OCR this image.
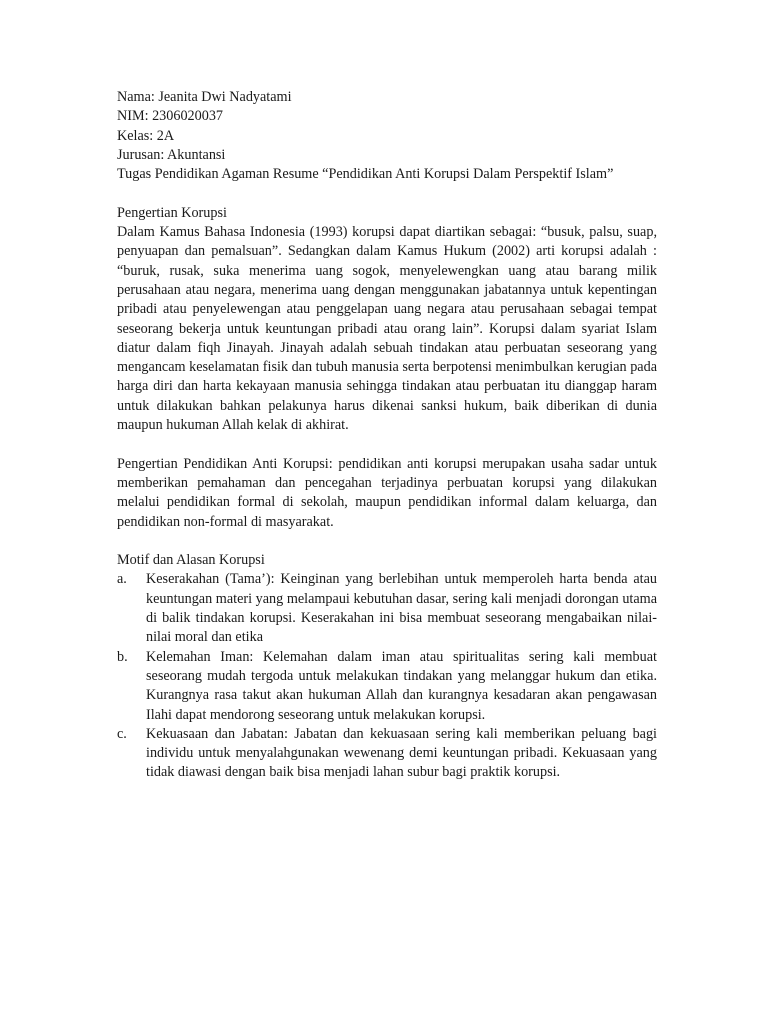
Nama: Jeanita Dwi Nadyatami

NIM: 2306020037

Kelas: 2A

Jurusan: Akuntansi

Tugas Pendidikan Agaman Resume “Pendidikan Anti Korupsi Dalam Perspektif Islam”

Pengertian Korupsi

Dalam Kamus Bahasa Indonesia (1993) korupsi dapat diartikan sebagai: “busuk, palsu, suap, penyuapan dan pemalsuan”. Sedangkan dalam Kamus Hukum (2002) arti korupsi adalah : “buruk, rusak, suka menerima uang sogok, menyelewengkan uang atau barang milik perusahaan atau negara, menerima uang dengan menggunakan jabatannya untuk kepentingan pribadi atau penyelewengan atau penggelapan uang negara atau perusahaan sebagai tempat seseorang bekerja untuk keuntungan pribadi atau orang lain”. Korupsi dalam syariat Islam diatur dalam fiqh Jinayah. Jinayah adalah sebuah tindakan atau perbuatan seseorang yang mengancam keselamatan fisik dan tubuh manusia serta berpotensi menimbulkan kerugian pada harga diri dan harta kekayaan manusia sehingga tindakan atau perbuatan itu dianggap haram untuk dilakukan bahkan pelakunya harus dikenai sanksi hukum, baik diberikan di dunia maupun hukuman Allah kelak di akhirat.

Pengertian Pendidikan Anti Korupsi: pendidikan anti korupsi merupakan usaha sadar untuk memberikan pemahaman dan pencegahan terjadinya perbuatan korupsi yang dilakukan melalui pendidikan formal di sekolah, maupun pendidikan informal dalam keluarga, dan pendidikan non-formal di masyarakat.

Motif dan Alasan Korupsi

a.	Keserakahan (Tama’): Keinginan yang berlebihan untuk memperoleh harta benda atau keuntungan materi yang melampaui kebutuhan dasar, sering kali menjadi dorongan utama di balik tindakan korupsi. Keserakahan ini bisa membuat seseorang mengabaikan nilai-nilai moral dan etika
b.	Kelemahan Iman: Kelemahan dalam iman atau spiritualitas sering kali membuat seseorang mudah tergoda untuk melakukan tindakan yang melanggar hukum dan etika. Kurangnya rasa takut akan hukuman Allah dan kurangnya kesadaran akan pengawasan Ilahi dapat mendorong seseorang untuk melakukan korupsi.
c.	Kekuasaan dan Jabatan: Jabatan dan kekuasaan sering kali memberikan peluang bagi individu untuk menyalahgunakan wewenang demi keuntungan pribadi. Kekuasaan yang tidak diawasi dengan baik bisa menjadi lahan subur bagi praktik korupsi.
